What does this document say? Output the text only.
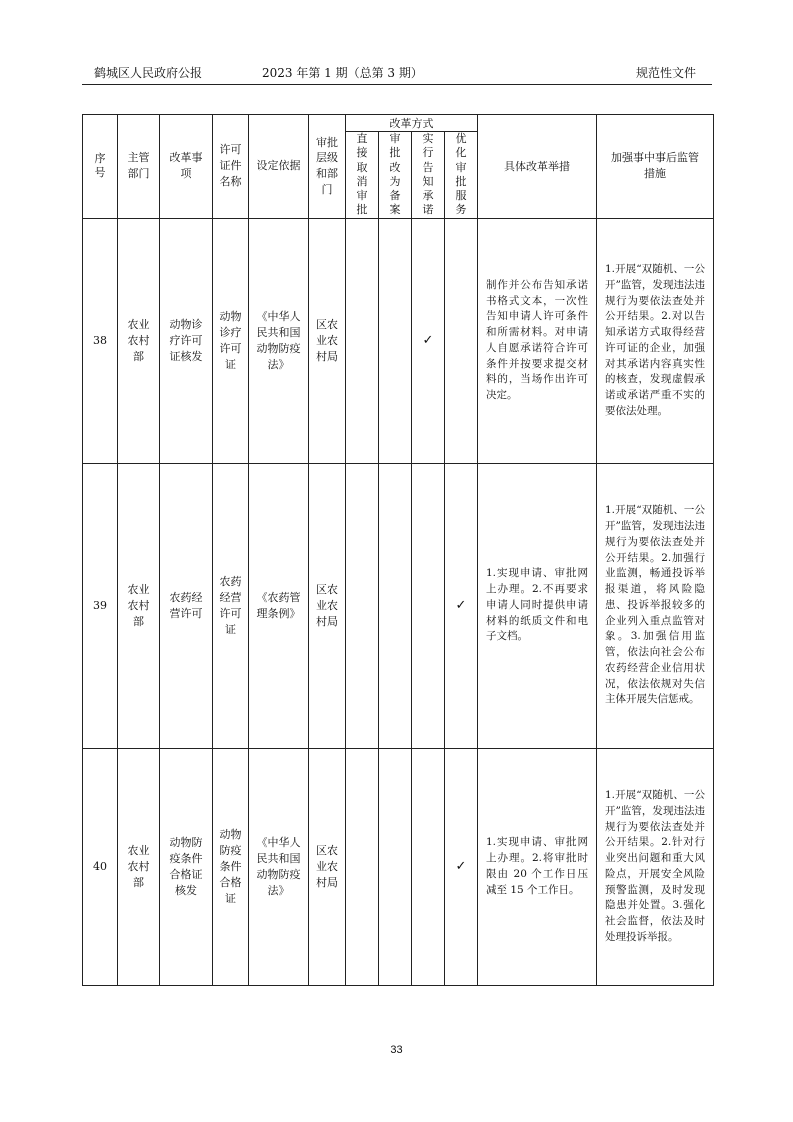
鹤城区人民政府公报	2023 年第 1 期（总第 3 期）	规范性文件
序号	主管部门	改革事项	许可证件名称	设定依据	审批层级和部门	改革方式				具体改革举措	加强事中事后监管措施
						直接取消审批	审批改为备案	实行告知承诺	优化审批服务		
38	农业农村部	动物诊疗许可证核发	动物诊疗许可证	《中华人民共和国动物防疫法》	区农业农村局			✓		制作并公布告知承诺书格式文本，一次性告知申请人许可条件和所需材料。对申请人自愿承诺符合许可条件并按要求提交材料的，当场作出许可决定。	1.开展“双随机、一公开”监管，发现违法违规行为要依法查处并公开结果。2.对以告知承诺方式取得经营许可证的企业，加强对其承诺内容真实性的核查，发现虚假承诺或承诺严重不实的要依法处理。

39	农业农村部	农药经营许可	农药经营许可证	《农药管理条例》	区农业农村局				✓	1.实现申请、审批网上办理。2.不再要求申请人同时提供申请材料的纸质文件和电子文档。	1.开展“双随机、一公开”监管，发现违法违规行为要依法查处并公开结果。2.加强行业监测，畅通投诉举报渠道，将风险隐患、投诉举报较多的企业列入重点监管对象。3.加强信用监管，依法向社会公布农药经营企业信用状况，依法依规对失信主体开展失信惩戒。

40	农业农村部	动物防疫条件合格证核发	动物防疫条件合格证	《中华人民共和国动物防疫法》	区农业农村局				✓	1.实现申请、审批网上办理。2.将审批时限由 20 个工作日压减至 15 个工作日。	1.开展“双随机、一公开”监管，发现违法违规行为要依法查处并公开结果。2.针对行业突出问题和重大风险点，开展安全风险预警监测，及时发现隐患并处置。3.强化社会监督，依法及时处理投诉举报。
33
